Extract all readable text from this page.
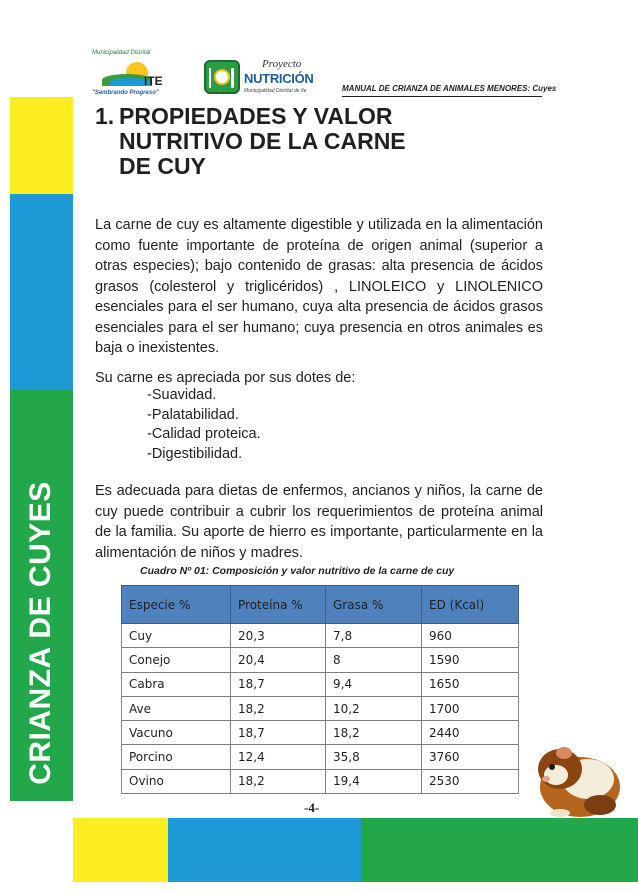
CRIANZA DE CUYES
Municipalidad Distrital
ITE
"Sembrando Progreso"
Proyecto
NUTRICIÓN
Municipalidad Distrital de Ite	MANUAL DE CRIANZA DE ANIMALES MENORES: Cuyes
1. PROPIEDADES Y VALOR
NUTRITIVO DE LA CARNE
DE CUY

La carne de cuy es altamente digestible y utilizada en la alimentación como fuente importante de proteína de origen animal (superior a otras especies); bajo contenido de grasas: alta presencia de ácidos grasos (colesterol y triglicéridos) , LINOLEICO y LINOLENICO esenciales para el ser humano, cuya alta presencia de ácidos grasos esenciales para el ser humano; cuya presencia en otros animales es baja o inexistentes.

Su carne es apreciada por sus dotes de:

-Suavidad.
-Palatabilidad.
-Calidad proteica.
-Digestibilidad.

Es adecuada para dietas de enfermos, ancianos y niños, la carne de cuy puede contribuir a cubrir los requerimientos de proteína animal de la familia. Su aporte de hierro es importante, particularmente en la alimentación de niños y madres.

Cuadro Nº 01: Composición y valor nutritivo de la carne de cuy
Especie %	Proteína %	Grasa %	ED (Kcal)
Cuy	20,3	7,8	960
Conejo	20,4	8	1590
Cabra	18,7	9,4	1650
Ave	18,2	10,2	1700
Vacuno	18,7	18,2	2440
Porcino	12,4	35,8	3760
Ovino	18,2	19,4	2530
-4-
